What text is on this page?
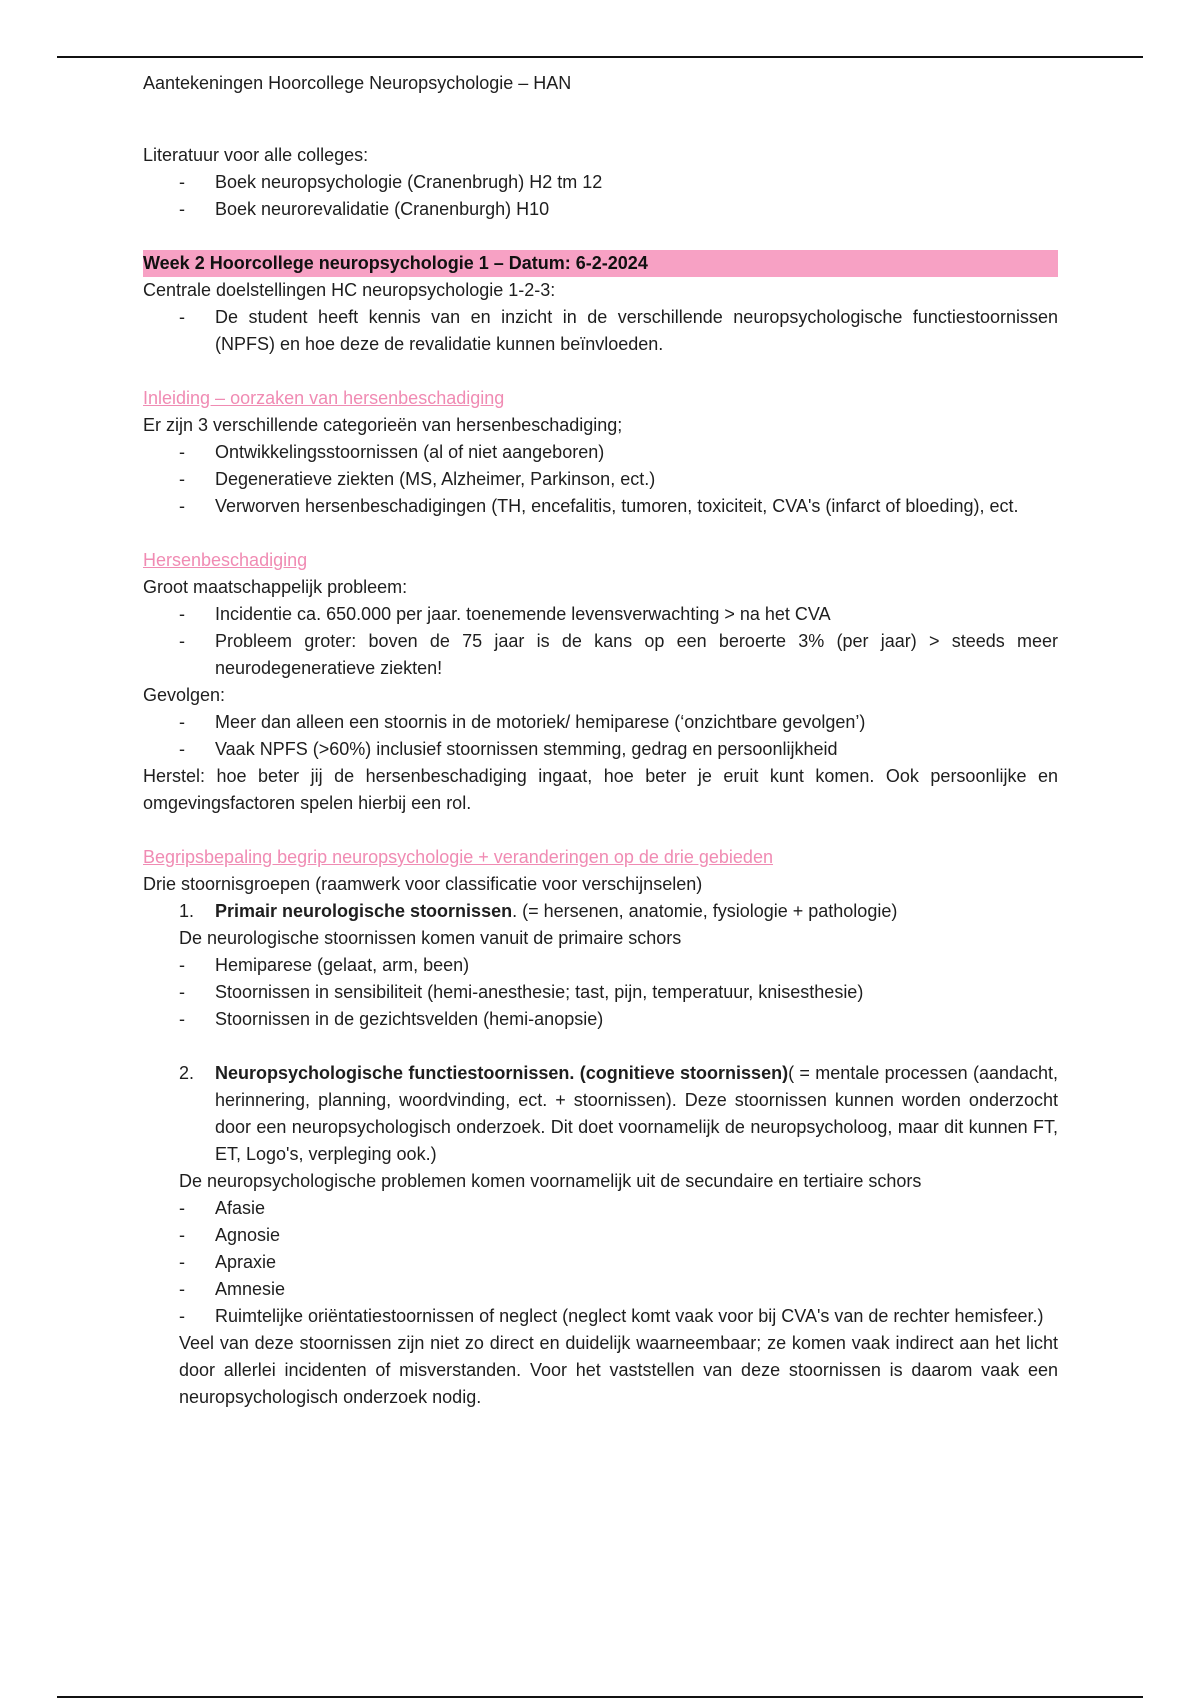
Aantekeningen Hoorcollege Neuropsychologie – HAN
Literatuur voor alle colleges:
- Boek neuropsychologie (Cranenbrugh) H2 tm 12
- Boek neurorevalidatie (Cranenburgh) H10
Week 2 Hoorcollege neuropsychologie 1 – Datum: 6-2-2024
Centrale doelstellingen HC neuropsychologie 1-2-3:
- De student heeft kennis van en inzicht in de verschillende neuropsychologische functiestoornissen (NPFS) en hoe deze de revalidatie kunnen beïnvloeden.
Inleiding – oorzaken van hersenbeschadiging
Er zijn 3 verschillende categorieën van hersenbeschadiging;
- Ontwikkelingsstoornissen (al of niet aangeboren)
- Degeneratieve ziekten (MS, Alzheimer, Parkinson, ect.)
- Verworven hersenbeschadigingen (TH, encefalitis, tumoren, toxiciteit, CVA's (infarct of bloeding), ect.
Hersenbeschadiging
Groot maatschappelijk probleem:
- Incidentie ca. 650.000 per jaar. toenemende levensverwachting > na het CVA
- Probleem groter: boven de 75 jaar is de kans op een beroerte 3% (per jaar) > steeds meer neurodegeneratieve ziekten!
Gevolgen:
- Meer dan alleen een stoornis in de motoriek/ hemiparese (‘onzichtbare gevolgen’)
- Vaak NPFS (>60%) inclusief stoornissen stemming, gedrag en persoonlijkheid
Herstel: hoe beter jij de hersenbeschadiging ingaat, hoe beter je eruit kunt komen. Ook persoonlijke en omgevingsfactoren spelen hierbij een rol.
Begripsbepaling begrip neuropsychologie + veranderingen op de drie gebieden
Drie stoornisgroepen (raamwerk voor classificatie voor verschijnselen)
1. Primair neurologische stoornissen. (= hersenen, anatomie, fysiologie + pathologie)
De neurologische stoornissen komen vanuit de primaire schors
- Hemiparese (gelaat, arm, been)
- Stoornissen in sensibiliteit (hemi-anesthesie; tast, pijn, temperatuur, knisesthesie)
- Stoornissen in de gezichtsvelden (hemi-anopsie)
2. Neuropsychologische functiestoornissen. (cognitieve stoornissen)( = mentale processen (aandacht, herinnering, planning, woordvinding, ect. + stoornissen). Deze stoornissen kunnen worden onderzocht door een neuropsychologisch onderzoek. Dit doet voornamelijk de neuropsycholoog, maar dit kunnen FT, ET, Logo's, verpleging ook.)
De neuropsychologische problemen komen voornamelijk uit de secundaire en tertiaire schors
- Afasie
- Agnosie
- Apraxie
- Amnesie
- Ruimtelijke oriëntatiestoornissen of neglect (neglect komt vaak voor bij CVA's van de rechter hemisfeer.)
Veel van deze stoornissen zijn niet zo direct en duidelijk waarneembaar; ze komen vaak indirect aan het licht door allerlei incidenten of misverstanden. Voor het vaststellen van deze stoornissen is daarom vaak een neuropsychologisch onderzoek nodig.
